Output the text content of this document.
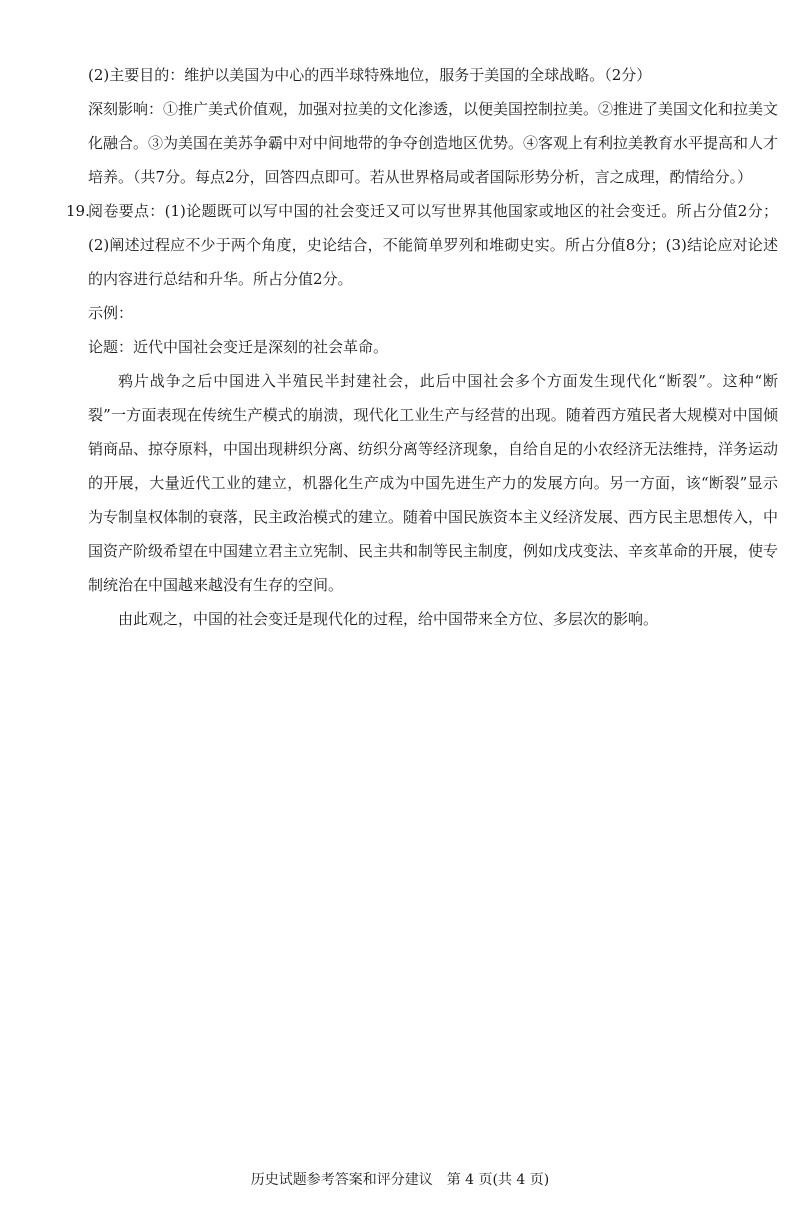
(2)主要目的：维护以美国为中心的西半球特殊地位，服务于美国的全球战略。（2分）

深刻影响：①推广美式价值观，加强对拉美的文化渗透，以便美国控制拉美。②推进了美国文化和拉美文化融合。③为美国在美苏争霸中对中间地带的争夺创造地区优势。④客观上有利拉美教育水平提高和人才培养。（共7分。每点2分，回答四点即可。若从世界格局或者国际形势分析，言之成理，酌情给分。）

19.

阅卷要点：(1)论题既可以写中国的社会变迁又可以写世界其他国家或地区的社会变迁。所占分值2分；(2)阐述过程应不少于两个角度，史论结合，不能简单罗列和堆砌史实。所占分值8分；(3)结论应对论述的内容进行总结和升华。所占分值2分。

示例：

论题：近代中国社会变迁是深刻的社会革命。

鸦片战争之后中国进入半殖民半封建社会，此后中国社会多个方面发生现代化“断裂”。这种“断裂”一方面表现在传统生产模式的崩溃，现代化工业生产与经营的出现。随着西方殖民者大规模对中国倾销商品、掠夺原料，中国出现耕织分离、纺织分离等经济现象，自给自足的小农经济无法维持，洋务运动的开展，大量近代工业的建立，机器化生产成为中国先进生产力的发展方向。另一方面，该“断裂”显示为专制皇权体制的衰落，民主政治模式的建立。随着中国民族资本主义经济发展、西方民主思想传入，中国资产阶级希望在中国建立君主立宪制、民主共和制等民主制度，例如戊戌变法、辛亥革命的开展，使专制统治在中国越来越没有生存的空间。

由此观之，中国的社会变迁是现代化的过程，给中国带来全方位、多层次的影响。

历史试题参考答案和评分建议　第 4 页(共 4 页)
